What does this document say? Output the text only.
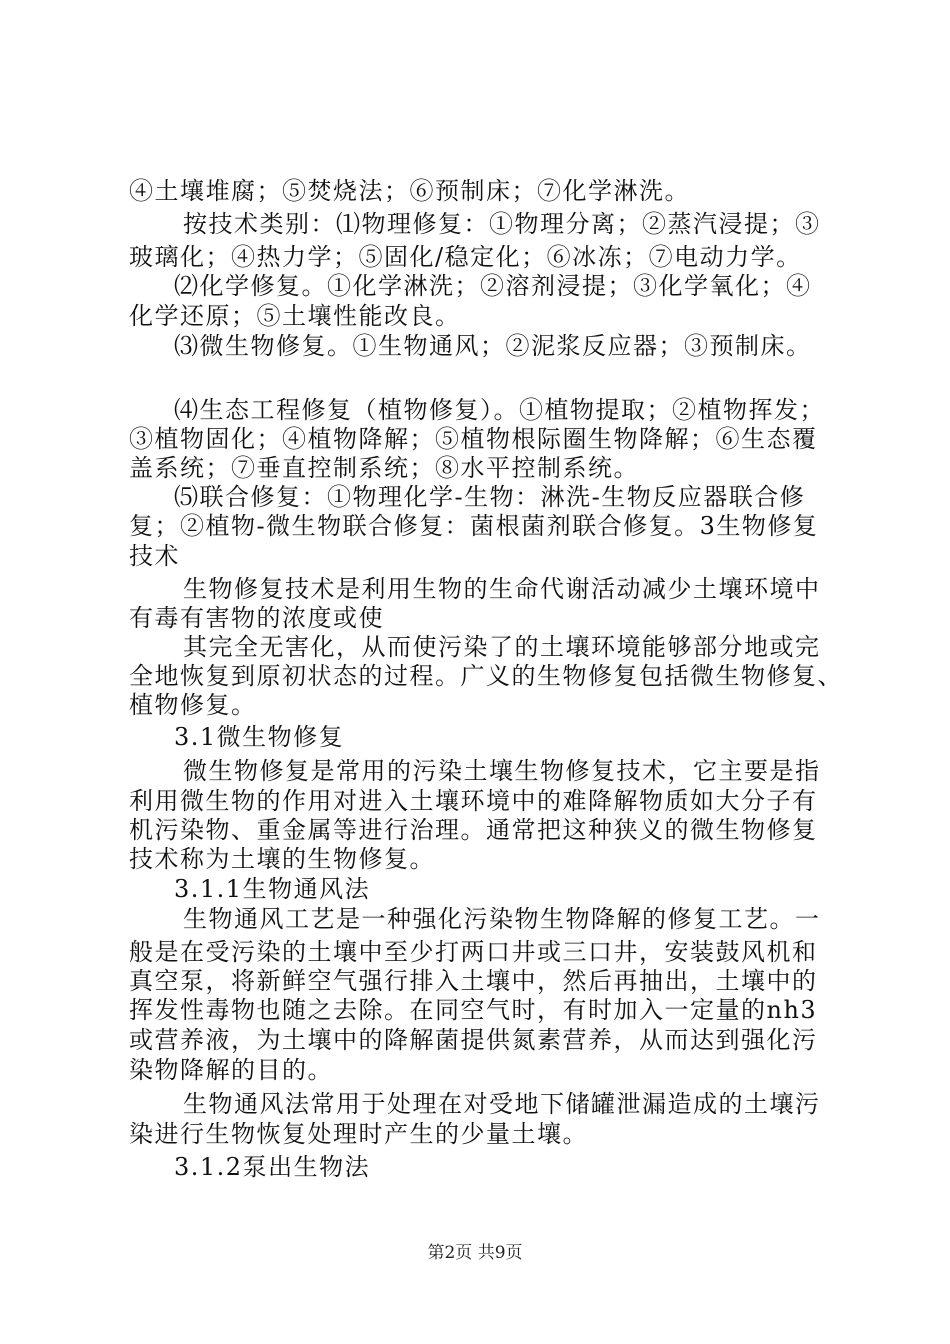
④土壤堆腐；⑤焚烧法；⑥预制床；⑦化学淋洗。
按技术类别：⑴物理修复：①物理分离；②蒸汽浸提；③
玻璃化；④热力学；⑤固化/稳定化；⑥冰冻；⑦电动力学。
⑵化学修复。①化学淋洗；②溶剂浸提；③化学氧化；④
化学还原；⑤土壤性能改良。
⑶微生物修复。①生物通风；②泥浆反应器；③预制床。
⑷生态工程修复（植物修复）。①植物提取；②植物挥发；
③植物固化；④植物降解；⑤植物根际圈生物降解；⑥生态覆
盖系统；⑦垂直控制系统；⑧水平控制系统。
⑸联合修复：①物理化学-生物：淋洗-生物反应器联合修
复；②植物-微生物联合修复：菌根菌剂联合修复。3生物修复
技术
生物修复技术是利用生物的生命代谢活动减少土壤环境中
有毒有害物的浓度或使
其完全无害化，从而使污染了的土壤环境能够部分地或完
全地恢复到原初状态的过程。广义的生物修复包括微生物修复、
植物修复。
3.1微生物修复
微生物修复是常用的污染土壤生物修复技术，它主要是指
利用微生物的作用对进入土壤环境中的难降解物质如大分子有
机污染物、重金属等进行治理。通常把这种狭义的微生物修复
技术称为土壤的生物修复。
3.1.1生物通风法
生物通风工艺是一种强化污染物生物降解的修复工艺。一
般是在受污染的土壤中至少打两口井或三口井，安装鼓风机和
真空泵，将新鲜空气强行排入土壤中，然后再抽出，土壤中的
挥发性毒物也随之去除。在同空气时，有时加入一定量的nh3
或营养液，为土壤中的降解菌提供氮素营养，从而达到强化污
染物降解的目的。
生物通风法常用于处理在对受地下储罐泄漏造成的土壤污
染进行生物恢复处理时产生的少量土壤。
3.1.2泵出生物法
第2页 共9页
